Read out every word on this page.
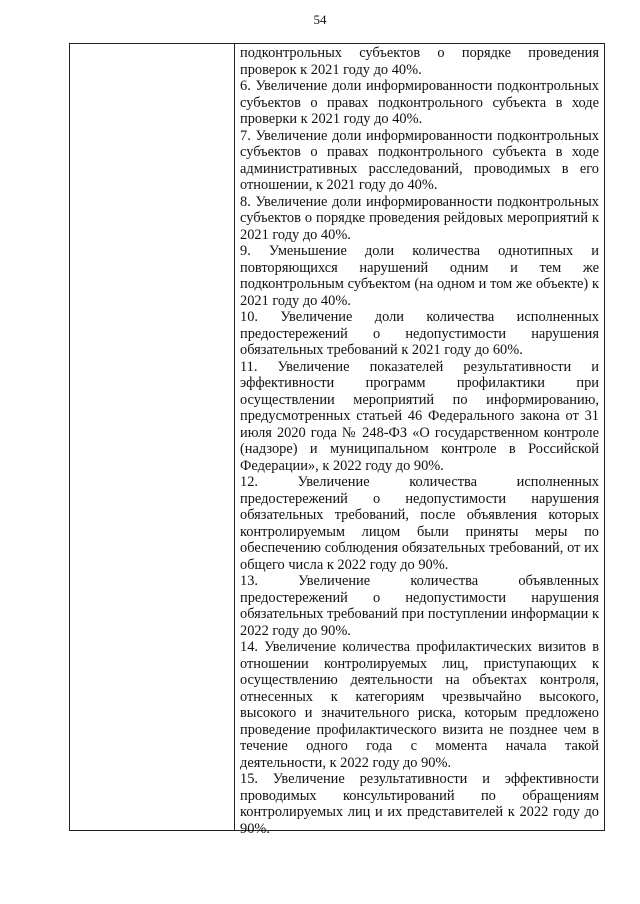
54

подконтрольных субъектов о порядке проведения проверок к 2021 году до 40%.

6. Увеличение доли информированности подконтрольных субъектов о правах подконтрольного субъекта в ходе проверки к 2021 году до 40%.

7. Увеличение доли информированности подконтрольных субъектов о правах подконтрольного субъекта в ходе административных расследований, проводимых в его отношении, к 2021 году до 40%.

8. Увеличение доли информированности подконтрольных субъектов о порядке проведения рейдовых мероприятий к 2021 году до 40%.

9. Уменьшение доли количества однотипных и повторяющихся нарушений одним и тем же подконтрольным субъектом (на одном и том же объекте) к 2021 году до 40%.

10. Увеличение доли количества исполненных предостережений о недопустимости нарушения обязательных требований к 2021 году до 60%.

11. Увеличение показателей результативности и эффективности программ профилактики при осуществлении мероприятий по информированию, предусмотренных статьей 46 Федерального закона от 31 июля 2020 года № 248-ФЗ «О государственном контроле (надзоре) и муниципальном контроле в Российской Федерации», к 2022 году до 90%.

12. Увеличение количества исполненных предостережений о недопустимости нарушения обязательных требований, после объявления которых контролируемым лицом были приняты меры по обеспечению соблюдения обязательных требований, от их общего числа к 2022 году до 90%.

13. Увеличение количества объявленных предостережений о недопустимости нарушения обязательных требований при поступлении информации к 2022 году до 90%.

14. Увеличение количества профилактических визитов в отношении контролируемых лиц, приступающих к осуществлению деятельности на объектах контроля, отнесенных к категориям чрезвычайно высокого, высокого и значительного риска, которым предложено проведение профилактического визита не позднее чем в течение одного года с момента начала такой деятельности, к 2022 году до 90%.

15. Увеличение результативности и эффективности проводимых консультирований по обращениям контролируемых лиц и их представителей к 2022 году до 90%.
